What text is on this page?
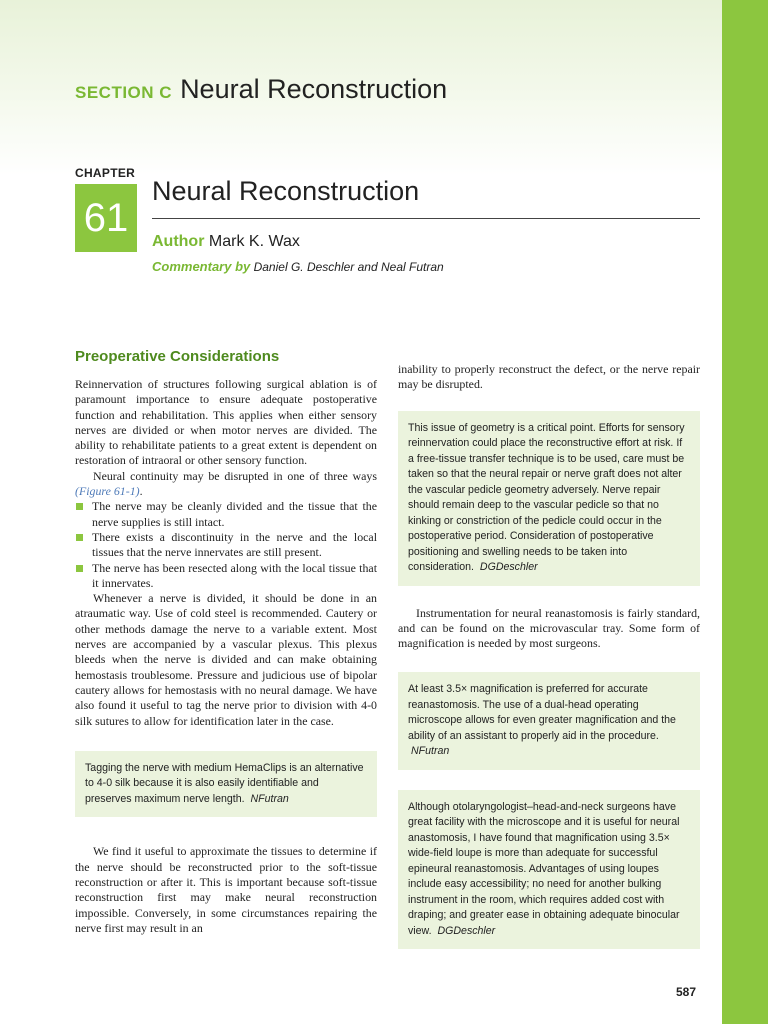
SECTION C Neural Reconstruction
CHAPTER
61
Neural Reconstruction
Author Mark K. Wax
Commentary by Daniel G. Deschler and Neal Futran
Preoperative Considerations

Reinnervation of structures following surgical ablation is of paramount importance to ensure adequate postoperative function and rehabilitation. This applies when either sensory nerves are divided or when motor nerves are divided. The ability to rehabilitate patients to a great extent is dependent on restoration of intraoral or other sensory function.

Neural continuity may be disrupted in one of three ways (Figure 61-1).

The nerve may be cleanly divided and the tissue that the nerve supplies is still intact.
There exists a discontinuity in the nerve and the local tissues that the nerve innervates are still present.
The nerve has been resected along with the local tissue that it innervates.

Whenever a nerve is divided, it should be done in an atraumatic way. Use of cold steel is recommended. Cautery or other methods damage the nerve to a variable extent. Most nerves are accompanied by a vascular plexus. This plexus bleeds when the nerve is divided and can make obtaining hemostasis troublesome. Pressure and judicious use of bipolar cautery allows for hemostasis with no neural damage. We have also found it useful to tag the nerve prior to division with 4-0 silk sutures to allow for identification later in the case.

Tagging the nerve with medium HemaClips is an alternative to 4-0 silk because it is also easily identifiable and preserves maximum nerve length. NFutran

We find it useful to approximate the tissues to determine if the nerve should be reconstructed prior to the soft-tissue reconstruction or after it. This is important because soft-tissue reconstruction first may make neural reconstruction impossible. Conversely, in some circumstances repairing the nerve first may result in an

inability to properly reconstruct the defect, or the nerve repair may be disrupted.

This issue of geometry is a critical point. Efforts for sensory reinnervation could place the reconstructive effort at risk. If a free-tissue transfer technique is to be used, care must be taken so that the neural repair or nerve graft does not alter the vascular pedicle geometry adversely. Nerve repair should remain deep to the vascular pedicle so that no kinking or constriction of the pedicle could occur in the postoperative period. Consideration of postoperative positioning and swelling needs to be taken into consideration. DGDeschler

Instrumentation for neural reanastomosis is fairly standard, and can be found on the microvascular tray. Some form of magnification is needed by most surgeons.

At least 3.5× magnification is preferred for accurate reanastomosis. The use of a dual-head operating microscope allows for even greater magnification and the ability of an assistant to properly aid in the procedure. NFutran
Although otolaryngologist–head-and-neck surgeons have great facility with the microscope and it is useful for neural anastomosis, I have found that magnification using 3.5× wide-field loupe is more than adequate for successful epineural reanastomosis. Advantages of using loupes include easy accessibility; no need for another bulking instrument in the room, which requires added cost with draping; and greater ease in obtaining adequate binocular view. DGDeschler
587
